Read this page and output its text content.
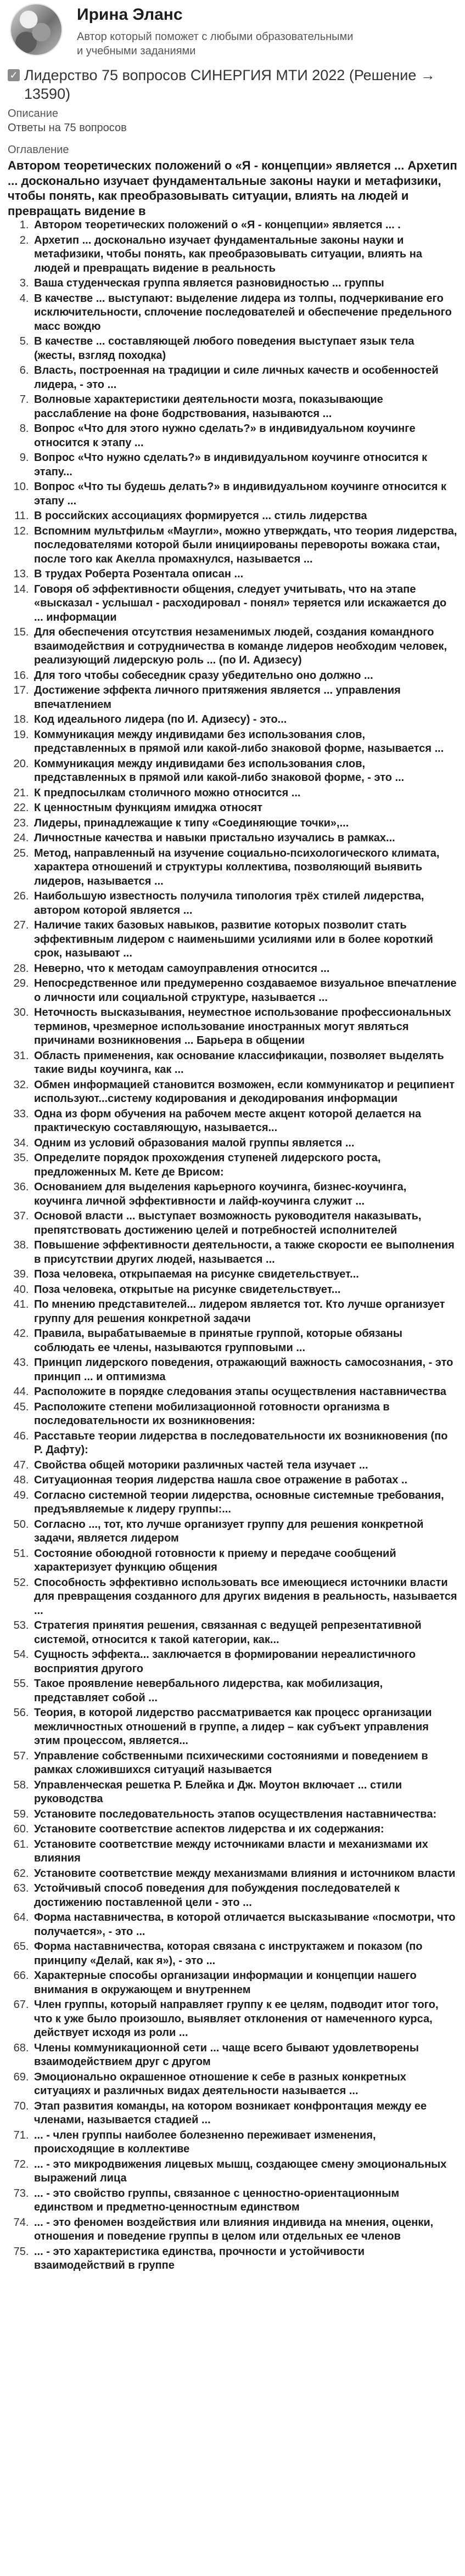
Ирина Эланс
Автор который поможет с любыми образовательными и учебными заданиями
✓ Лидерство 75 вопросов СИНЕРГИЯ МТИ 2022 (Решение → 13590)
Описание
Ответы на 75 вопросов
Оглавление
Автором теоретических положений о «Я - концепции» является ... Архетип ... досконально изучает фундаментальные законы науки и метафизики, чтобы понять, как преобразовывать ситуации, влиять на людей и превращать видение в
1. Автором теоретических положений о «Я - концепции» является ... .
2. Архетип ... досконально изучает фундаментальные законы науки и метафизики, чтобы понять, как преобразовывать ситуации, влиять на людей и превращать видение в реальность
3. Ваша студенческая группа является разновидностью ... группы
4. В качестве ... выступают: выделение лидера из толпы, подчеркивание его исключительности, сплочение последователей и обеспечение предельного масс вождю
5. В качестве ... составляющей любого поведения выступает язык тела (жесты, взгляд походка)
6. Власть, построенная на традиции и силе личных качеств и особенностей лидера, - это ...
7. Волновые характеристики деятельности мозга, показывающие расслабление на фоне бодрствования, называются ...
8. Вопрос «Что для этого нужно сделать?» в индивидуальном коучинге относится к этапу ...
9. Вопрос «Что нужно сделать?» в индивидуальном коучинге относится к этапу...
10. Вопрос «Что ты будешь делать?» в индивидуальном коучинге относится к этапу ...
11. В российских ассоциациях формируется ... стиль лидерства
12. Вспомним мультфильм «Маугли», можно утверждать, что теория лидерства, последователями которой были инициированы перевороты вожака стаи, после того как Акелла промахнулся, называется ...
13. В трудах Роберта Розентала описан ...
14. Говоря об эффективности общения, следует учитывать, что на этапе «высказал - услышал - расходировал - понял» теряется или искажается до ... информации
15. Для обеспечения отсутствия незаменимых людей, создания командного взаимодействия и сотрудничества в команде лидеров необходим человек, реализующий лидерскую роль ... (по И. Адизесу)
16. Для того чтобы собеседник сразу убедительно оно должно ...
17. Достижение эффекта личного притяжения является ... управления впечатлением
18. Код идеального лидера (по И. Адизесу) - это...
19. Коммуникация между индивидами без использования слов, представленных в прямой или какой-либо знаковой форме, называется ...
20. Коммуникация между индивидами без использования слов, представленных в прямой или какой-либо знаковой форме, - это ...
21. К предпосылкам столичного можно относится ...
22. К ценностным функциям имиджа относят
23. Лидеры, принадлежащие к типу «Соединяющие точки»,...
24. Личностные качества и навыки пристально изучались в рамках...
25. Метод, направленный на изучение социально-психологического климата, характера отношений и структуры коллектива, позволяющий выявить лидеров, называется ...
26. Наибольшую известность получила типология трёх стилей лидерства, автором которой является ...
27. Наличие таких базовых навыков, развитие которых позволит стать эффективным лидером с наименьшими усилиями или в более короткий срок, называют ...
28. Неверно, что к методам самоуправления относится ...
29. Непосредственное или предумеренно создаваемое визуальное впечатление о личности или социальной структуре, называется ...
30. Неточность высказывания, неуместное использование профессиональных терминов, чрезмерное использование иностранных могут являться причинами возникновения ... Барьера в общении
31. Область применения, как основание классификации, позволяет выделять такие виды коучинга, как ...
32. Обмен информацией становится возможен, если коммуникатор и реципиент используют...систему кодирования и декодирования информации
33. Одна из форм обучения на рабочем месте акцент которой делается на практическую составляющую, называется...
34. Одним из условий образования малой группы является ...
35. Определите порядок прохождения ступеней лидерского роста, предложенных М. Кете де Врисом:
36. Основанием для выделения карьерного коучинга, бизнес-коучинга, коучинга личной эффективности и лайф-коучинга служит ...
37. Основой власти ... выступает возможность руководителя наказывать, препятствовать достижению целей и потребностей исполнителей
38. Повышение эффективности деятельности, а также скорости ее выполнения в присутствии других людей, называется ...
39. Поза человека, открыпаемая на рисунке свидетельствует...
40. Поза человека, открытые на рисунке свидетельствует...
41. По мнению представителей... лидером является тот. Кто лучше организует группу для решения конкретной задачи
42. Правила, вырабатываемые в принятые группой, которые обязаны соблюдать ее члены, называются групповыми ...
43. Принцип лидерского поведения, отражающий важность самосознания, - это принцип ... и оптимизма
44. Расположите в порядке следования этапы осуществления наставничества
45. Расположите степени мобилизационной готовности организма в последовательности их возникновения:
46. Расставьте теории лидерства в последовательности их возникновения (по Р. Дафту):
47. Свойства общей моторики различных частей тела изучает ...
48. Ситуационная теория лидерства нашла свое отражение в работах ..
49. Согласно системной теории лидерства, основные системные требования, предъявляемые к лидеру группы:...
50. Согласно ..., тот, кто лучше организует группу для решения конкретной задачи, является лидером
51. Состояние обоюдной готовности к приему и передаче сообщений характеризует функцию общения
52. Способность эффективно использовать все имеющиеся источники власти для превращения созданного для других видения в реальность, называется ...
53. Стратегия принятия решения, связанная с ведущей репрезентативной системой, относится к такой категории, как...
54. Сущность эффекта... заключается в формировании нереалистичного восприятия другого
55. Такое проявление невербального лидерства, как мобилизация, представляет собой ...
56. Теория, в которой лидерство рассматривается как процесс организации межличностных отношений в группе, а лидер – как субъект управления этим процессом, является...
57. Управление собственными психическими состояниями и поведением в рамках сложившихся ситуаций называется
58. Управленческая решетка Р. Блейка и Дж. Моутон включает ... стили руководства
59. Установите последовательность этапов осуществления наставничества:
60. Установите соответствие аспектов лидерства и их содержания:
61. Установите соответствие между источниками власти и механизмами их влияния
62. Установите соответствие между механизмами влияния и источником власти
63. Устойчивый способ поведения для побуждения последователей к достижению поставленной цели - это ...
64. Форма наставничества, в которой отличается высказывание «посмотри, что получается», - это ...
65. Форма наставничества, которая связана с инструктажем и показом (по принципу «Делай, как я»), - это ...
66. Характерные способы организации информации и концепции нашего внимания в окружающем и внутреннем
67. Член группы, который направляет группу к ее целям, подводит итог того, что к уже было произошло, выявляет отклонения от намеченного курса, действует исходя из роли ...
68. Члены коммуникационной сети ... чаще всего бывают удовлетворены взаимодействием друг с другом
69. Эмоционально окрашенное отношение к себе в разных конкретных ситуациях и различных видах деятельности называется ...
70. Этап развития команды, на котором возникает конфронтация между ее членами, называется стадией ...
71. ... - член группы наиболее болезненно переживает изменения, происходящие в коллективе
72. ... - это микродвижения лицевых мышц, создающее смену эмоциональных выражений лица
73. ... - это свойство группы, связанное с ценностно-ориентационным единством и предметно-ценностным единством
74. ... - это феномен воздействия или влияния индивида на мнения, оценки, отношения и поведение группы в целом или отдельных ее членов
75. ... - это характеристика единства, прочности и устойчивости взаимодействий в группе
